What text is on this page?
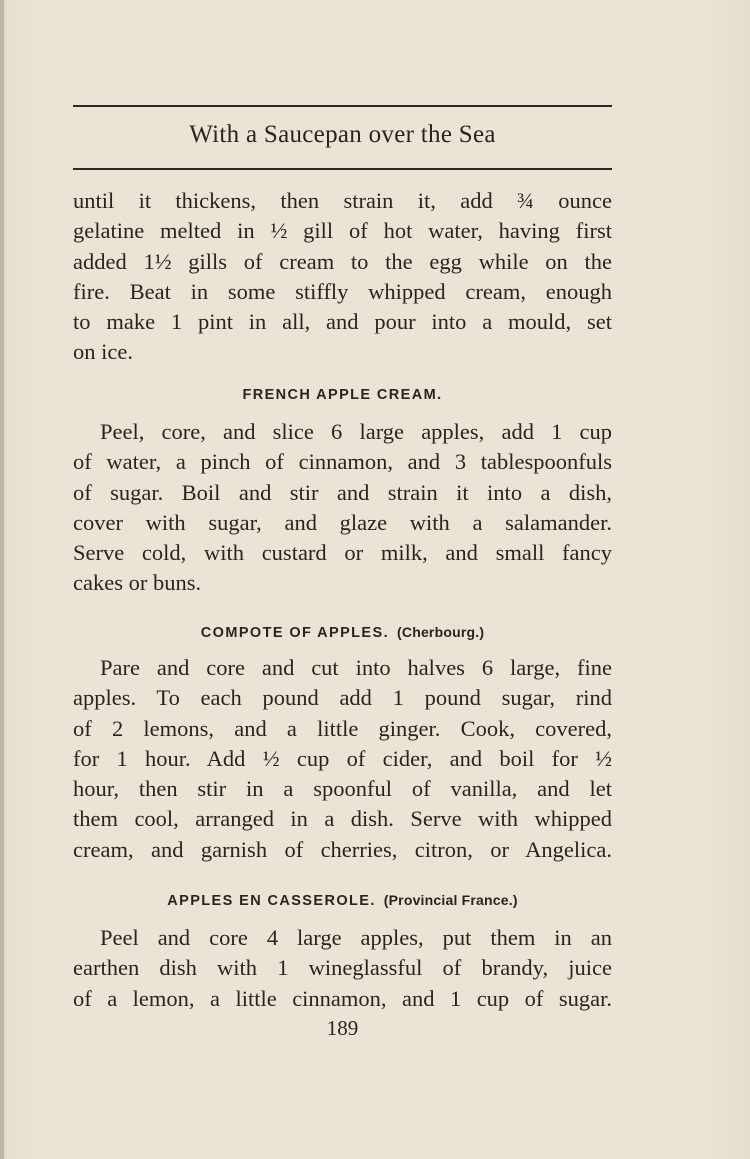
With a Saucepan over the Sea
until it thickens, then strain it, add ¾ ounce
gelatine melted in ½ gill of hot water, having first
added 1½ gills of cream to the egg while on the
fire. Beat in some stiffly whipped cream, enough
to make 1 pint in all, and pour into a mould, set
on ice.
FRENCH APPLE CREAM.
Peel, core, and slice 6 large apples, add 1 cup
of water, a pinch of cinnamon, and 3 tablespoonfuls
of sugar. Boil and stir and strain it into a dish,
cover with sugar, and glaze with a salamander.
Serve cold, with custard or milk, and small fancy
cakes or buns.
COMPOTE OF APPLES. (Cherbourg.)
Pare and core and cut into halves 6 large, fine
apples. To each pound add 1 pound sugar, rind
of 2 lemons, and a little ginger. Cook, covered,
for 1 hour. Add ½ cup of cider, and boil for ½
hour, then stir in a spoonful of vanilla, and let
them cool, arranged in a dish. Serve with whipped
cream, and garnish of cherries, citron, or Angelica.
APPLES EN CASSEROLE. (Provincial France.)
Peel and core 4 large apples, put them in an
earthen dish with 1 wineglassful of brandy, juice
of a lemon, a little cinnamon, and 1 cup of sugar.
189
